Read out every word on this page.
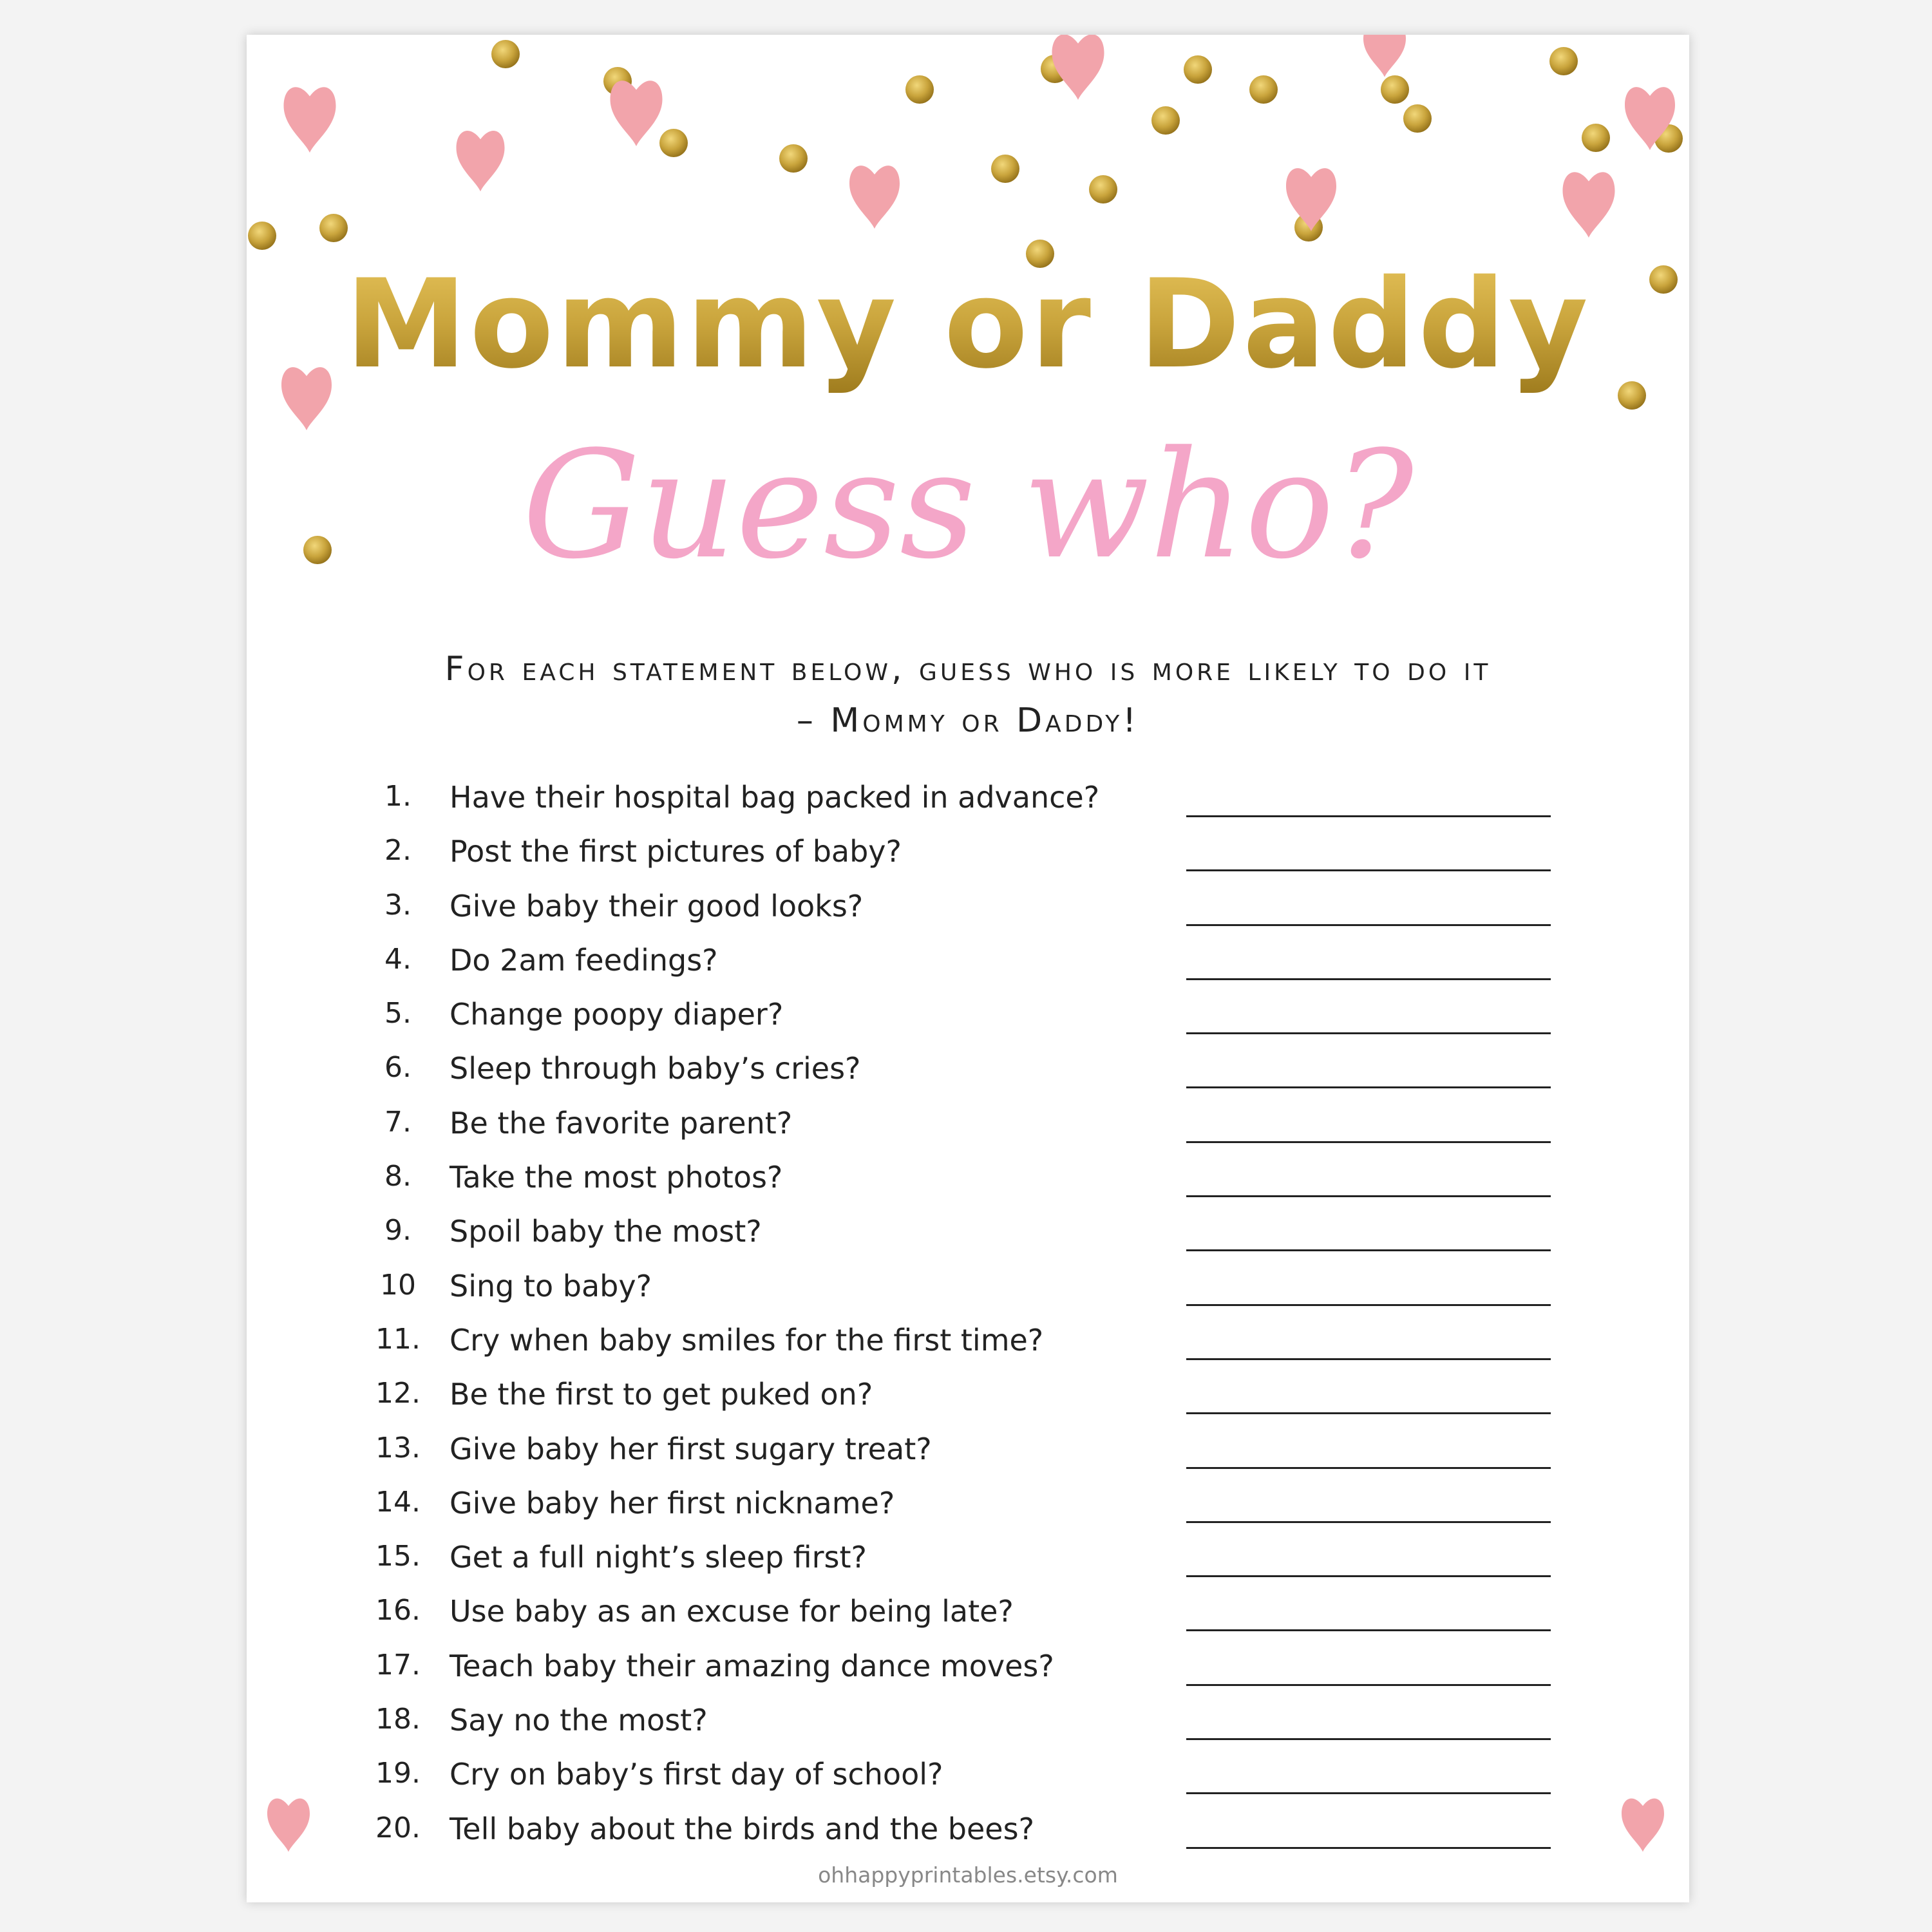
Mommy or Daddy
Guess who?
For each statement below, guess who is more likely to do it
– Mommy or Daddy!
1.	Have their hospital bag packed in advance?
2.	Post the first pictures of baby?
3.	Give baby their good looks?
4.	Do 2am feedings?
5.	Change poopy diaper?
6.	Sleep through baby’s cries?
7.	Be the favorite parent?
8.	Take the most photos?
9.	Spoil baby the most?
10	Sing to baby?
11. Cry when baby smiles for the first time?
12. Be the first to get puked on?
13. Give baby her first sugary treat?
14. Give baby her first nickname?
15. Get a full night’s sleep first?
16. Use baby as an excuse for being late?
17. Teach baby their amazing dance moves?
18. Say no the most?
19. Cry on baby’s first day of school?
20. Tell baby about the birds and the bees?
ohhappyprintables.etsy.com
